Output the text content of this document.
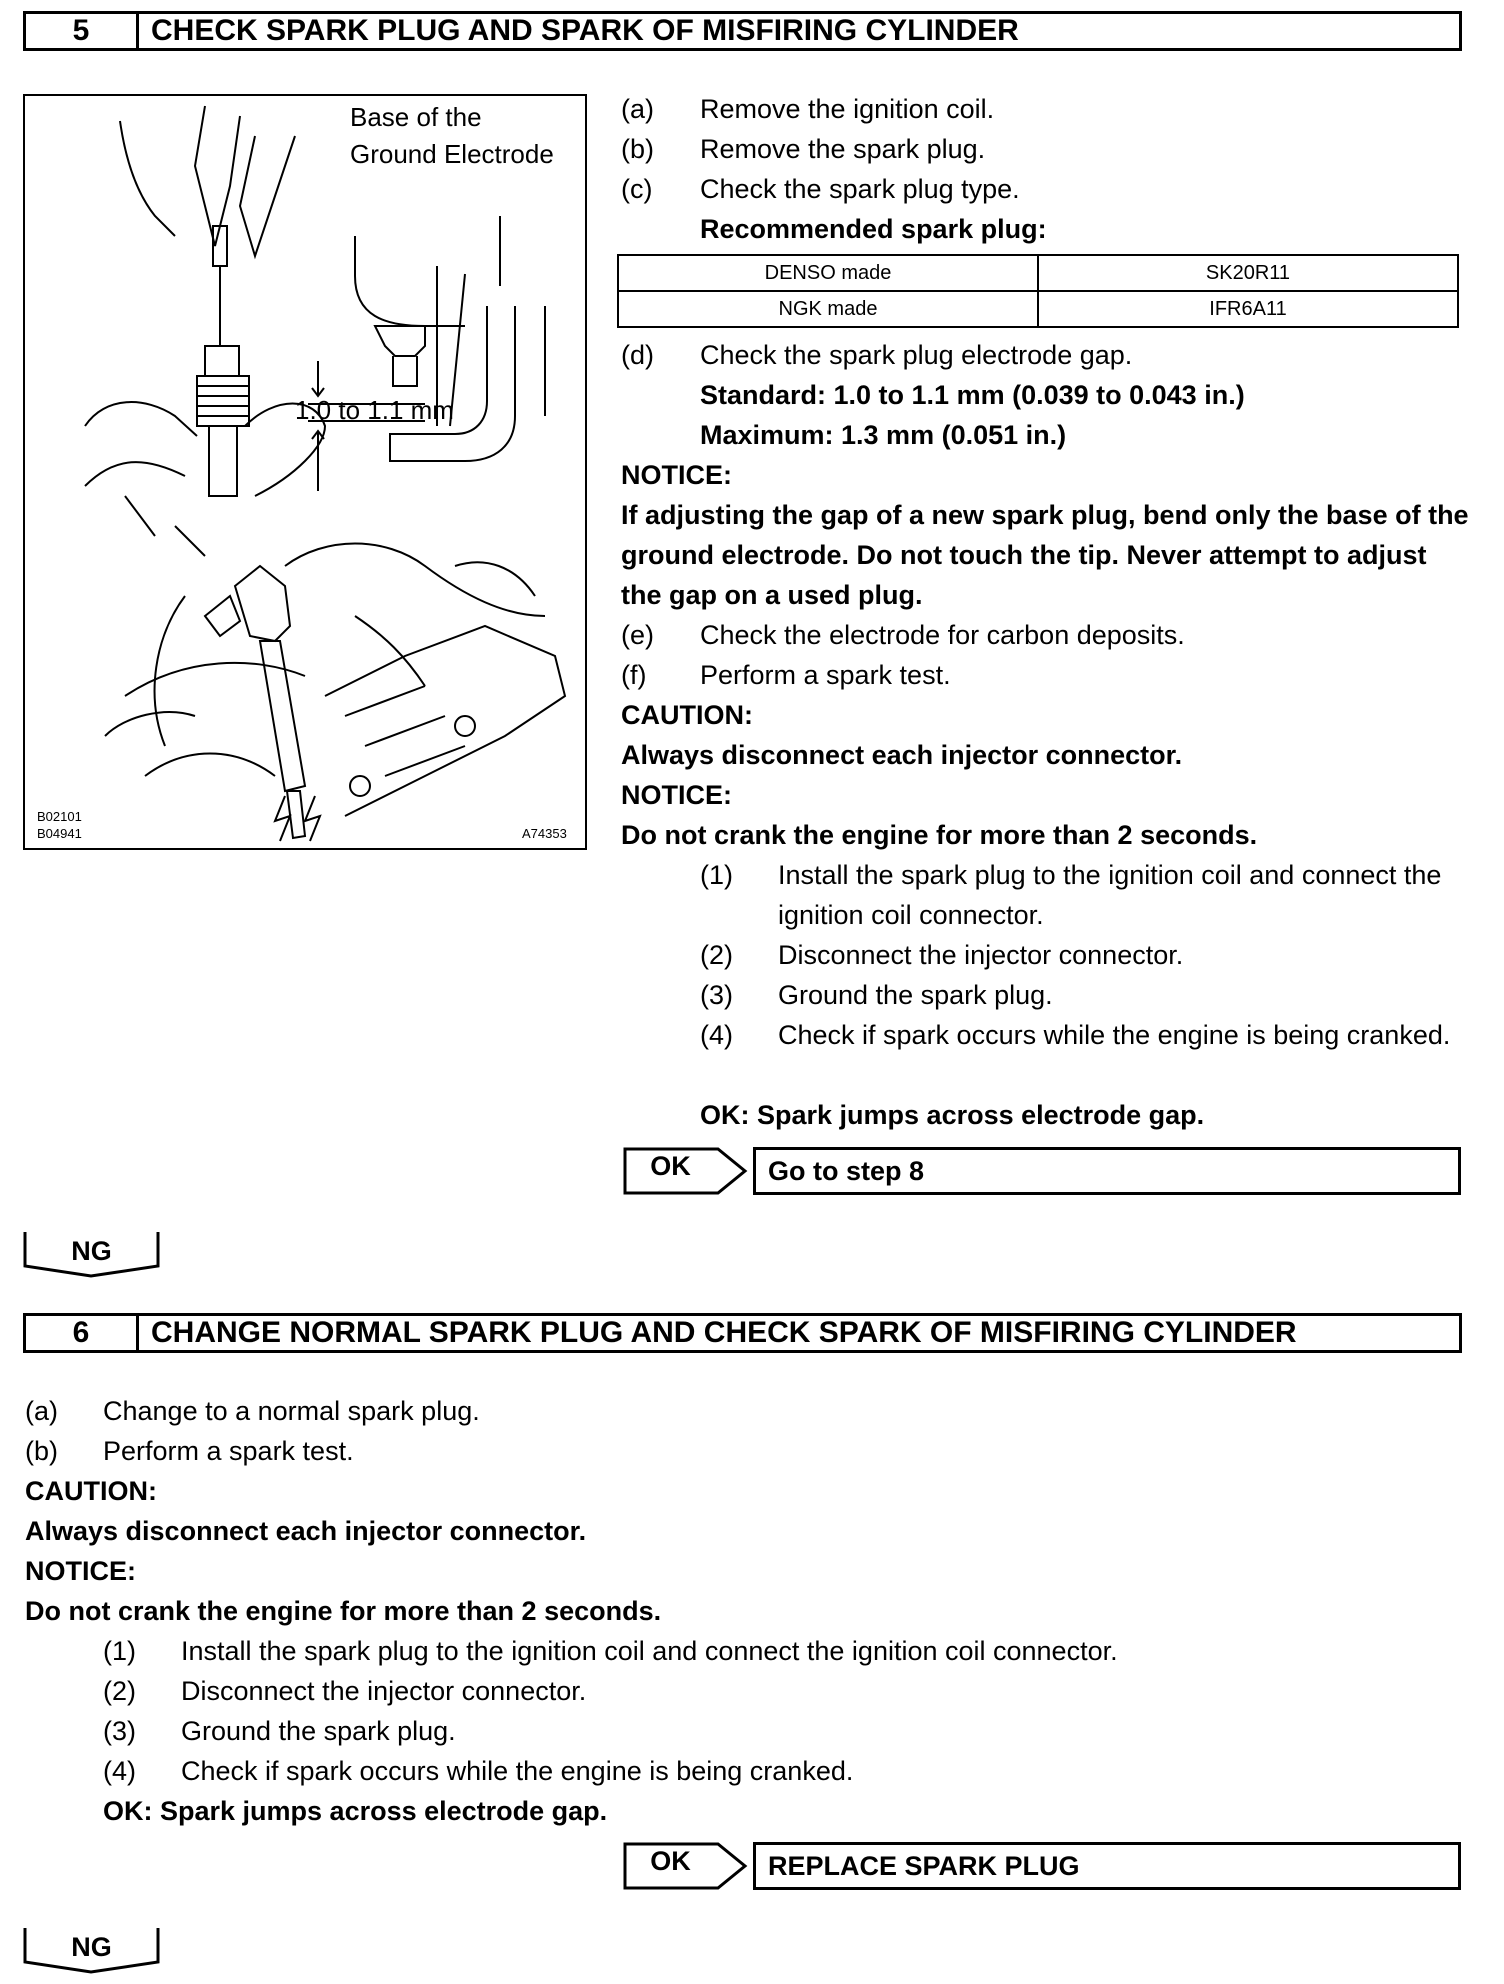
5	CHECK SPARK PLUG AND SPARK OF MISFIRING CYLINDER
Base of the
Ground Electrode
1.0 to 1.1 mm
B02101
B04941	A74353
(a) Remove the ignition coil.
(b) Remove the spark plug.
(c) Check the spark plug type.
Recommended spark plug:
DENSO made	SK20R11
NGK made	IFR6A11
(d) Check the spark plug electrode gap.
Standard: 1.0 to 1.1 mm (0.039 to 0.043 in.)
Maximum: 1.3 mm (0.051 in.)
NOTICE:
If adjusting the gap of a new spark plug, bend only the base of the ground electrode. Do not touch the tip. Never attempt to adjust the gap on a used plug.
(e) Check the electrode for carbon deposits.
(f) Perform a spark test.
CAUTION:
Always disconnect each injector connector.
NOTICE:
Do not crank the engine for more than 2 seconds.
(1) Install the spark plug to the ignition coil and connect the ignition coil connector.
(2) Disconnect the injector connector.
(3) Ground the spark plug.
(4) Check if spark occurs while the engine is being cranked.
OK: Spark jumps across electrode gap.
OK	Go to step 8
NG
6	CHANGE NORMAL SPARK PLUG AND CHECK SPARK OF MISFIRING CYLINDER
(a) Change to a normal spark plug.
(b) Perform a spark test.
CAUTION:
Always disconnect each injector connector.
NOTICE:
Do not crank the engine for more than 2 seconds.
(1) Install the spark plug to the ignition coil and connect the ignition coil connector.
(2) Disconnect the injector connector.
(3) Ground the spark plug.
(4) Check if spark occurs while the engine is being cranked.
OK: Spark jumps across electrode gap.
OK	REPLACE SPARK PLUG
NG
